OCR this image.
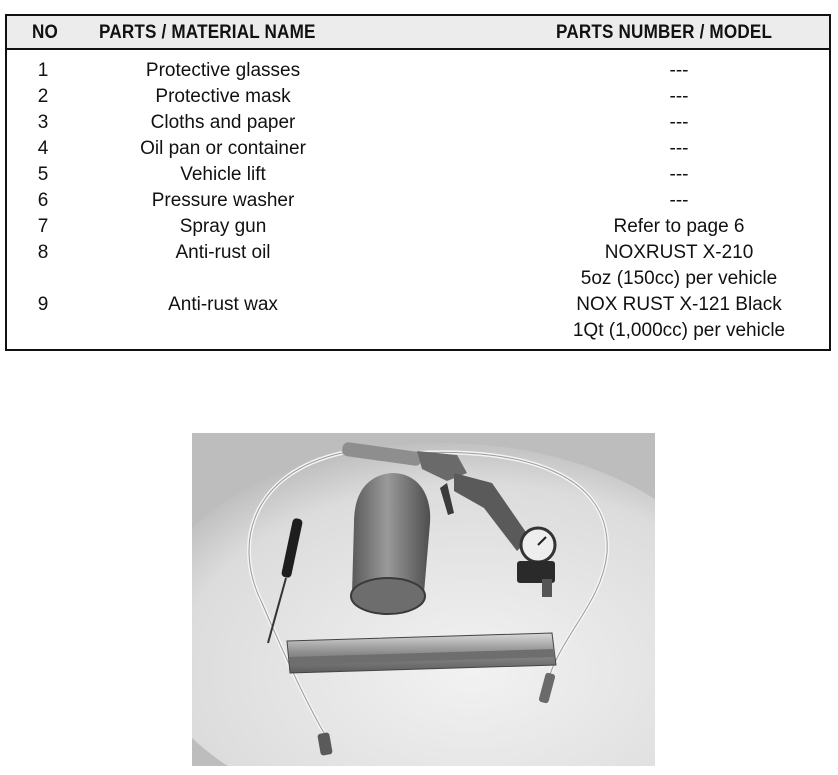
NO PARTS / MATERIAL NAME	PARTS NUMBER / MODEL
1	Protective glasses	---
2	Protective mask	---
3	Cloths and paper	---
4	Oil pan or container	---
5	Vehicle lift	---
6	Pressure washer	---
7	Spray gun	Refer to page 6
8	Anti-rust oil	NOXRUST X-210
5oz (150cc) per vehicle
9	Anti-rust wax	NOX RUST X-121 Black
1Qt (1,000cc) per vehicle
